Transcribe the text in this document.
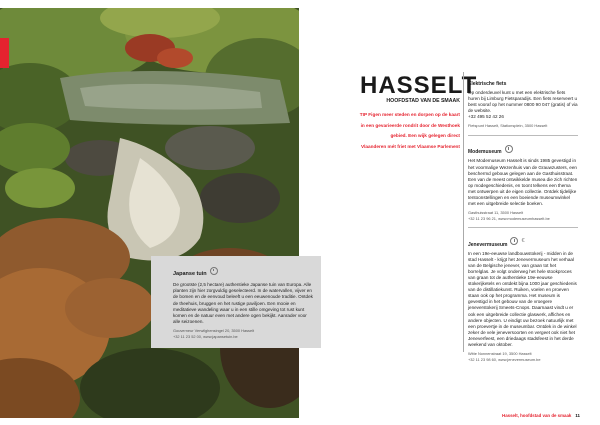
Japanse tuin
De grootste (2,5 hectare) authentieke Japanse tuin van Europa. Alle planten zijn hier zorgvuldig geselecteerd. In de watervallen, vijver en de bomen en de eenvoud beleeft u een eeuwenoude traditie. Ontdek de theehuis, bruggen en het rustige paviljoen. Een mooie en meditatieve wandeling waar u in een stille omgeving tot rust kunt komen en de natuur even met andere ogen bekijkt. Aanrader voor alle seizoenen.
Gouverneur Verwilghensingel 20, 3500 Hasselt
+32 11 23 52 00, www.japansetuin.be
HASSELT
HOOFDSTAD VAN DE SMAAK
TIP Figen meer steden en dorpen op de kaart
in een gevarieerde rondrit door de Westhoek
gebied. Een wijk gelegen direct
Vlaanderen mét friet met Vlaamse Parlement
Elektrische fiets
Op onderdeuvel kunt u met een elektrische fiets huren bij Limburg Fietsparadijs. Een fiets reserveert u best vooraf op het nummer 0800 90 047 (gratis) of via de website.
+32 495 52 42 26
Fietspunt Hasselt, Stationsplein, 3500 Hasselt
Modemuseum
Het Modemuseum Hasselt is sinds 1985 gevestigd in het voormalige Wezenhuis van de Grauwzusters, een beschermd gebouw gelegen aan de Gasthuisstraat. Een van de meest ontwikkelde musea die zich richten op modegeschiedenis, en toont telkens een thema met ontwerpen uit de eigen collectie. Ontdek tijdelijke tentoonstellingen en een boeiende museumwinkel met een uitgebreide selectie boeken.
Gasthuisstraat 11, 3500 Hasselt
+32 11 23 96 21, www.modemuseumhasselt.be
Jenevermuseum€
In een 19e-eeuwse landbouwstokerij - midden in de stad Hasselt - krijgt het Jenevermuseum het verhaal van de Belgische jenever, van graan tot het borrelglas. Je volgt onderweg het hele stookproces van graan tot de authentieke 19e-eeuwse stokerijketels en ontdekt bijna 1000 jaar geschiedenis van de distillatiekunst. Ruiken, voelen en proeven staan ook op het programma. Het museum is gevestigd in het gebouw van de vroegere jeneverstokerij Smeets-Cnops. Daarnaast vindt u er ook een uitgebreide collectie glaswerk, affiches en andere objecten. U eindigt uw bezoek natuurlijk met een proevertje in de museumbar. Ontdek in de winkel zeker de vele jeneversoorten en vergeet ook niet het Jeneverfeest, een driedaags stadsfeest in het derde weekend van oktober.
Witte Nonnenstraat 19, 3500 Hasselt
+32 11 23 98 60, www.jenevermuseum.be
Hasselt, hoofdstad van de smaak 11
